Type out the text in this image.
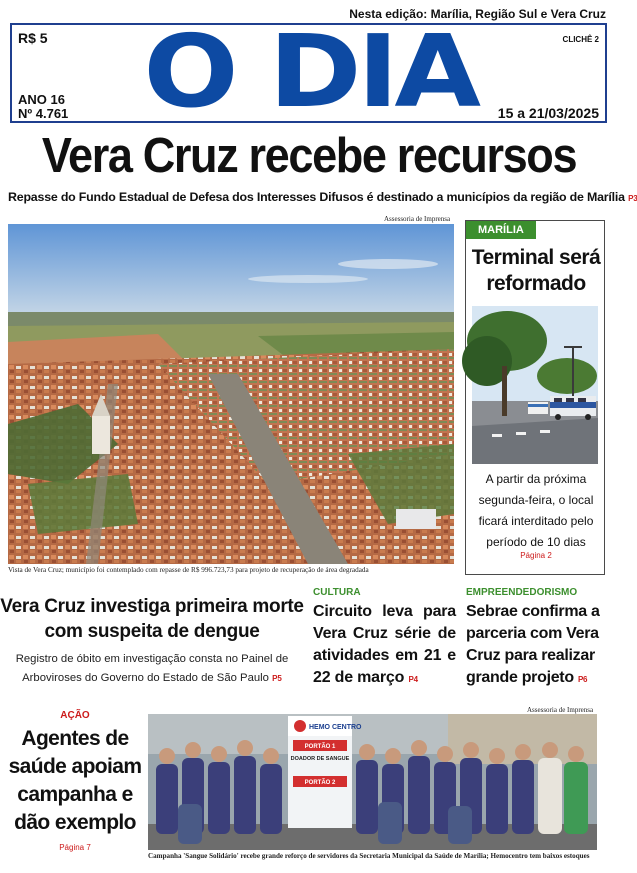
Nesta edição: Marília, Região Sul e Vera Cruz
R$ 5 O DIA	CLICHÊ 2
ANO 16
Nº 4.761	15 a 21/03/2025
Vera Cruz recebe recursos
Repasse do Fundo Estadual de Defesa dos Interesses Difusos é destinado a municípios da região de Marília P3
Assessoria de Imprensa
Vista de Vera Cruz; município foi contemplado com repasse de R$ 996.723,73 para projeto de recuperação de área degradada
MARÍLIA
Terminal será reformado
A partir da próxima segunda-feira, o local ficará interditado pelo período de 10 dias
Página 2
Vera Cruz investiga primeira morte com suspeita de dengue

Registro de óbito em investigação consta no Painel de Arboviroses do Governo do Estado de São Paulo P5

CULTURA
Circuito leva para Vera Cruz série de atividades em 21 e 22 de março P4
EMPREENDEDORISMO
Sebrae confirma a parceria com Vera Cruz para realizar grande projeto P6
AÇÃO
Agentes de saúde apoiam campanha e dão exemplo
Página 7
Assessoria de Imprensa
HEMO CENTRO
PORTÃO 1
DOADOR DE SANGUE
PORTÃO 2
Campanha 'Sangue Solidário' recebe grande reforço de servidores da Secretaria Municipal da Saúde de Marília; Hemocentro tem baixos estoques
